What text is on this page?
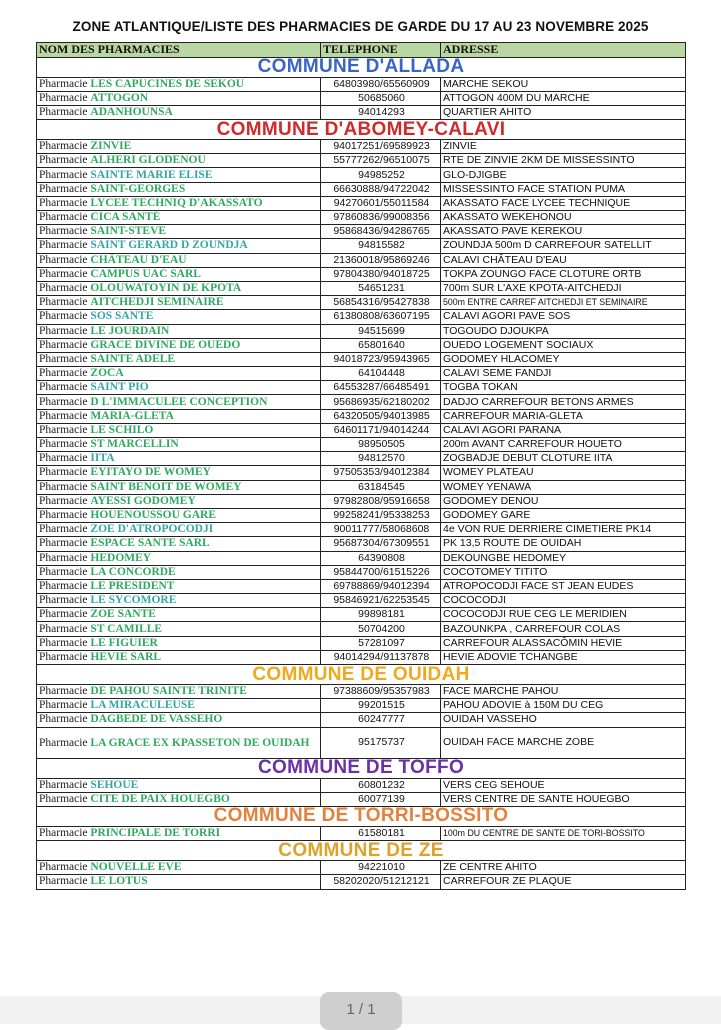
ZONE ATLANTIQUE/LISTE DES PHARMACIES DE GARDE DU 17 AU 23 NOVEMBRE 2025
NOM DES PHARMACIES	TELEPHONE	ADRESSE
COMMUNE D'ALLADA		
Pharmacie LES CAPUCINES DE SEKOU	64803980/65560909	MARCHE SEKOU
Pharmacie ATTOGON	50685060	ATTOGON 400M DU MARCHE
Pharmacie ADANHOUNSA	94014293	QUARTIER AHITO
COMMUNE D'ABOMEY-CALAVI		
Pharmacie ZINVIE	94017251/69589923	ZINVIE
Pharmacie ALHERI GLODENOU	55777262/96510075	RTE DE ZINVIE 2KM DE MISSESSINTO
Pharmacie SAINTE MARIE ELISE	94985252	GLO-DJIGBE
Pharmacie SAINT-GEORGES	66630888/94722042	MISSESSINTO FACE STATION PUMA
Pharmacie LYCEE TECHNIQ D'AKASSATO	94270601/55011584	AKASSATO FACE LYCEE TECHNIQUE
Pharmacie CICA SANTÉ	97860836/99008356	AKASSATO WEKEHONOU
Pharmacie SAINT-STEVE	95868436/94286765	AKASSATO PAVE KEREKOU
Pharmacie SAINT GERARD D ZOUNDJA	94815582	ZOUNDJA 500m D CARREFOUR SATELLIT
Pharmacie CHÂTEAU D'EAU	21360018/95869246	CALAVI CHÂTEAU D'EAU
Pharmacie CAMPUS UAC SARL	97804380/94018725	TOKPA ZOUNGO FACE CLOTURE ORTB
Pharmacie OLOUWATOYIN DE KPOTA	54651231	700m SUR L'AXE KPOTA-AITCHEDJI
Pharmacie AITCHEDJI SEMINAIRE	56854316/95427838	500m ENTRE CARREF AITCHEDJI ET SEMINAIRE
Pharmacie SOS SANTE	61380808/63607195	CALAVI AGORI PAVE SOS
Pharmacie LE JOURDAIN	94515699	TOGOUDO DJOUKPA
Pharmacie GRACE DIVINE DE OUEDO	65801640	OUEDO LOGEMENT SOCIAUX
Pharmacie SAINTE ADELE	94018723/95943965	GODOMEY HLACOMEY
Pharmacie ZOCA	64104448	CALAVI SEME FANDJI
Pharmacie SAINT PIO	64553287/66485491	TOGBA TOKAN
Pharmacie D L'IMMACULEE CONCEPTION	95686935/62180202	DADJO CARREFOUR BETONS ARMES
Pharmacie MARIA-GLETA	64320505/94013985	CARREFOUR MARIA-GLETA
Pharmacie LE SCHILO	64601171/94014244	CALAVI AGORI PARANA
Pharmacie ST MARCELLIN	98950505	200m AVANT CARREFOUR HOUETO
Pharmacie IITA	94812570	ZOGBADJE DEBUT CLOTURE IITA
Pharmacie EYITAYO DE WOMEY	97505353/94012384	WOMEY PLATEAU
Pharmacie SAINT BENOIT DE WOMEY	63184545	WOMEY YENAWA
Pharmacie AYESSI GODOMEY	97982808/95916658	GODOMEY DENOU
Pharmacie HOUENOUSSOU GARE	99258241/95338253	GODOMEY GARE
Pharmacie ZOE D'ATROPOCODJI	90011777/58068608	4e VON RUE DERRIERE CIMETIERE PK14
Pharmacie ESPACE SANTE SARL	95687304/67309551	PK 13,5 ROUTE DE OUIDAH
Pharmacie HEDOMEY	64390808	DEKOUNGBE HEDOMEY
Pharmacie LA CONCORDE	95844700/61515226	COCOTOMEY TITITO
Pharmacie LE PRESIDENT	69788869/94012394	ATROPOCODJI FACE ST JEAN EUDES
Pharmacie LE SYCOMORE	95846921/62253545	COCOCODJI
Pharmacie ZOE SANTE	99898181	COCOCODJI RUE CEG LE MERIDIEN
Pharmacie ST CAMILLE	50704200	BAZOUNKPA , CARREFOUR COLAS
Pharmacie LE FIGUIER	57281097	CARREFOUR ALASSACÔMIN HEVIE
Pharmacie HEVIE SARL	94014294/91137878	HEVIE ADOVIE TCHANGBE
COMMUNE DE OUIDAH		
Pharmacie DE PAHOU SAINTE TRINITE	97388609/95357983	FACE MARCHE PAHOU
Pharmacie LA MIRACULEUSE	99201515	PAHOU ADOVIE à 150M DU CEG
Pharmacie DAGBEDE DE VASSEHO	60247777	OUIDAH VASSEHO
Pharmacie LA GRACE EX KPASSETON DE OUIDAH	95175737	OUIDAH FACE MARCHE ZOBE
COMMUNE DE TOFFO		
Pharmacie SEHOUE	60801232	VERS CEG SEHOUE
Pharmacie CITE DE PAIX HOUEGBO	60077139	VERS CENTRE DE SANTE HOUEGBO
COMMUNE DE TORRI-BOSSITO		
Pharmacie PRINCIPALE DE TORRI	61580181	100m DU CENTRE DE SANTE DE TORI-BOSSITO
COMMUNE DE ZE		
Pharmacie NOUVELLE EVE	94221010	ZE CENTRE AHITO
Pharmacie LE LOTUS	58202020/51212121	CARREFOUR ZE PLAQUE
1 / 1
